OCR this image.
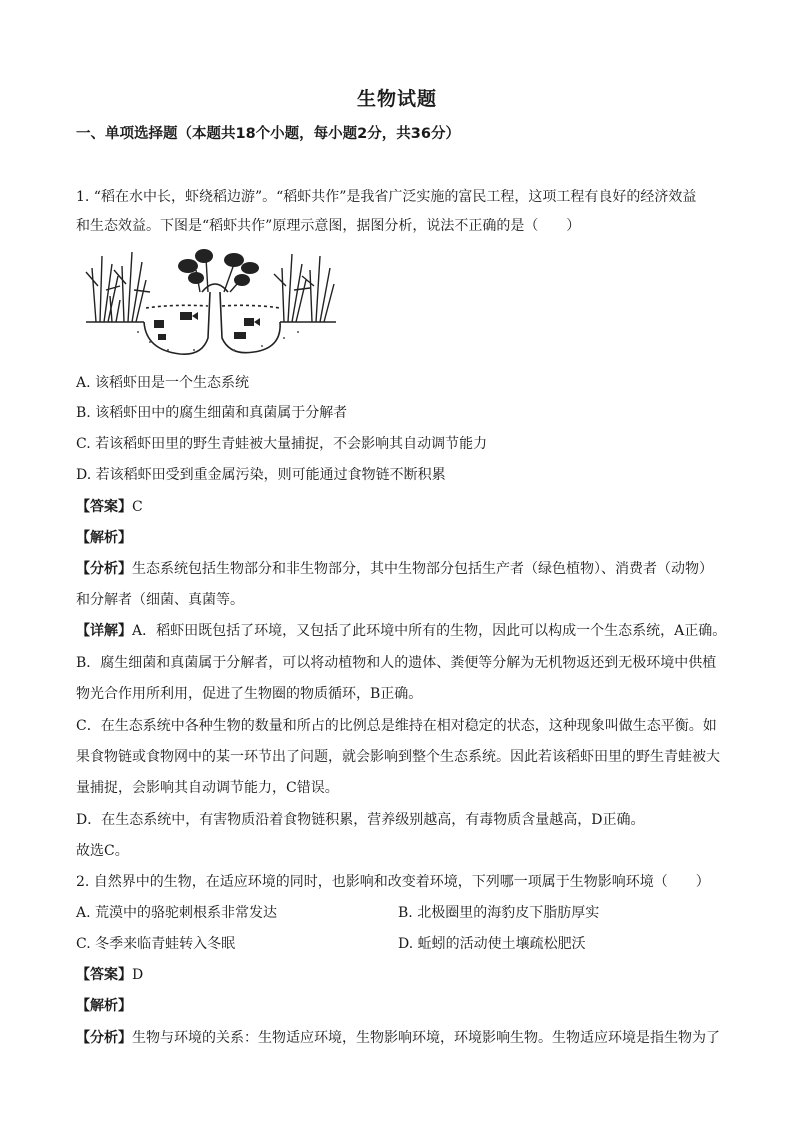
生物试题
一、单项选择题（本题共18个小题，每小题2分，共36分）
1. “稻在水中长，虾绕稻边游”。“稻虾共作”是我省广泛实施的富民工程，这项工程有良好的经济效益
和生态效益。下图是“稻虾共作”原理示意图，据图分析，说法不正确的是（　　）
A. 该稻虾田是一个生态系统
B. 该稻虾田中的腐生细菌和真菌属于分解者
C. 若该稻虾田里的野生青蛙被大量捕捉，不会影响其自动调节能力
D. 若该稻虾田受到重金属污染，则可能通过食物链不断积累
【答案】C
【解析】
【分析】生态系统包括生物部分和非生物部分，其中生物部分包括生产者（绿色植物）、消费者（动物）
和分解者（细菌、真菌等。
【详解】A．稻虾田既包括了环境，又包括了此环境中所有的生物，因此可以构成一个生态系统，A正确。
B．腐生细菌和真菌属于分解者，可以将动植物和人的遗体、粪便等分解为无机物返还到无极环境中供植
物光合作用所利用，促进了生物圈的物质循环，B正确。
C．在生态系统中各种生物的数量和所占的比例总是维持在相对稳定的状态，这种现象叫做生态平衡。如
果食物链或食物网中的某一环节出了问题，就会影响到整个生态系统。因此若该稻虾田里的野生青蛙被大
量捕捉，会影响其自动调节能力，C错误。
D．在生态系统中，有害物质沿着食物链积累，营养级别越高，有毒物质含量越高，D正确。
故选C。
2. 自然界中的生物，在适应环境的同时，也影响和改变着环境，下列哪一项属于生物影响环境（　　）
A. 荒漠中的骆驼刺根系非常发达	B. 北极圈里的海豹皮下脂肪厚实
C. 冬季来临青蛙转入冬眠	D. 蚯蚓的活动使土壤疏松肥沃
【答案】D
【解析】
【分析】生物与环境的关系：生物适应环境，生物影响环境，环境影响生物。生物适应环境是指生物为了
